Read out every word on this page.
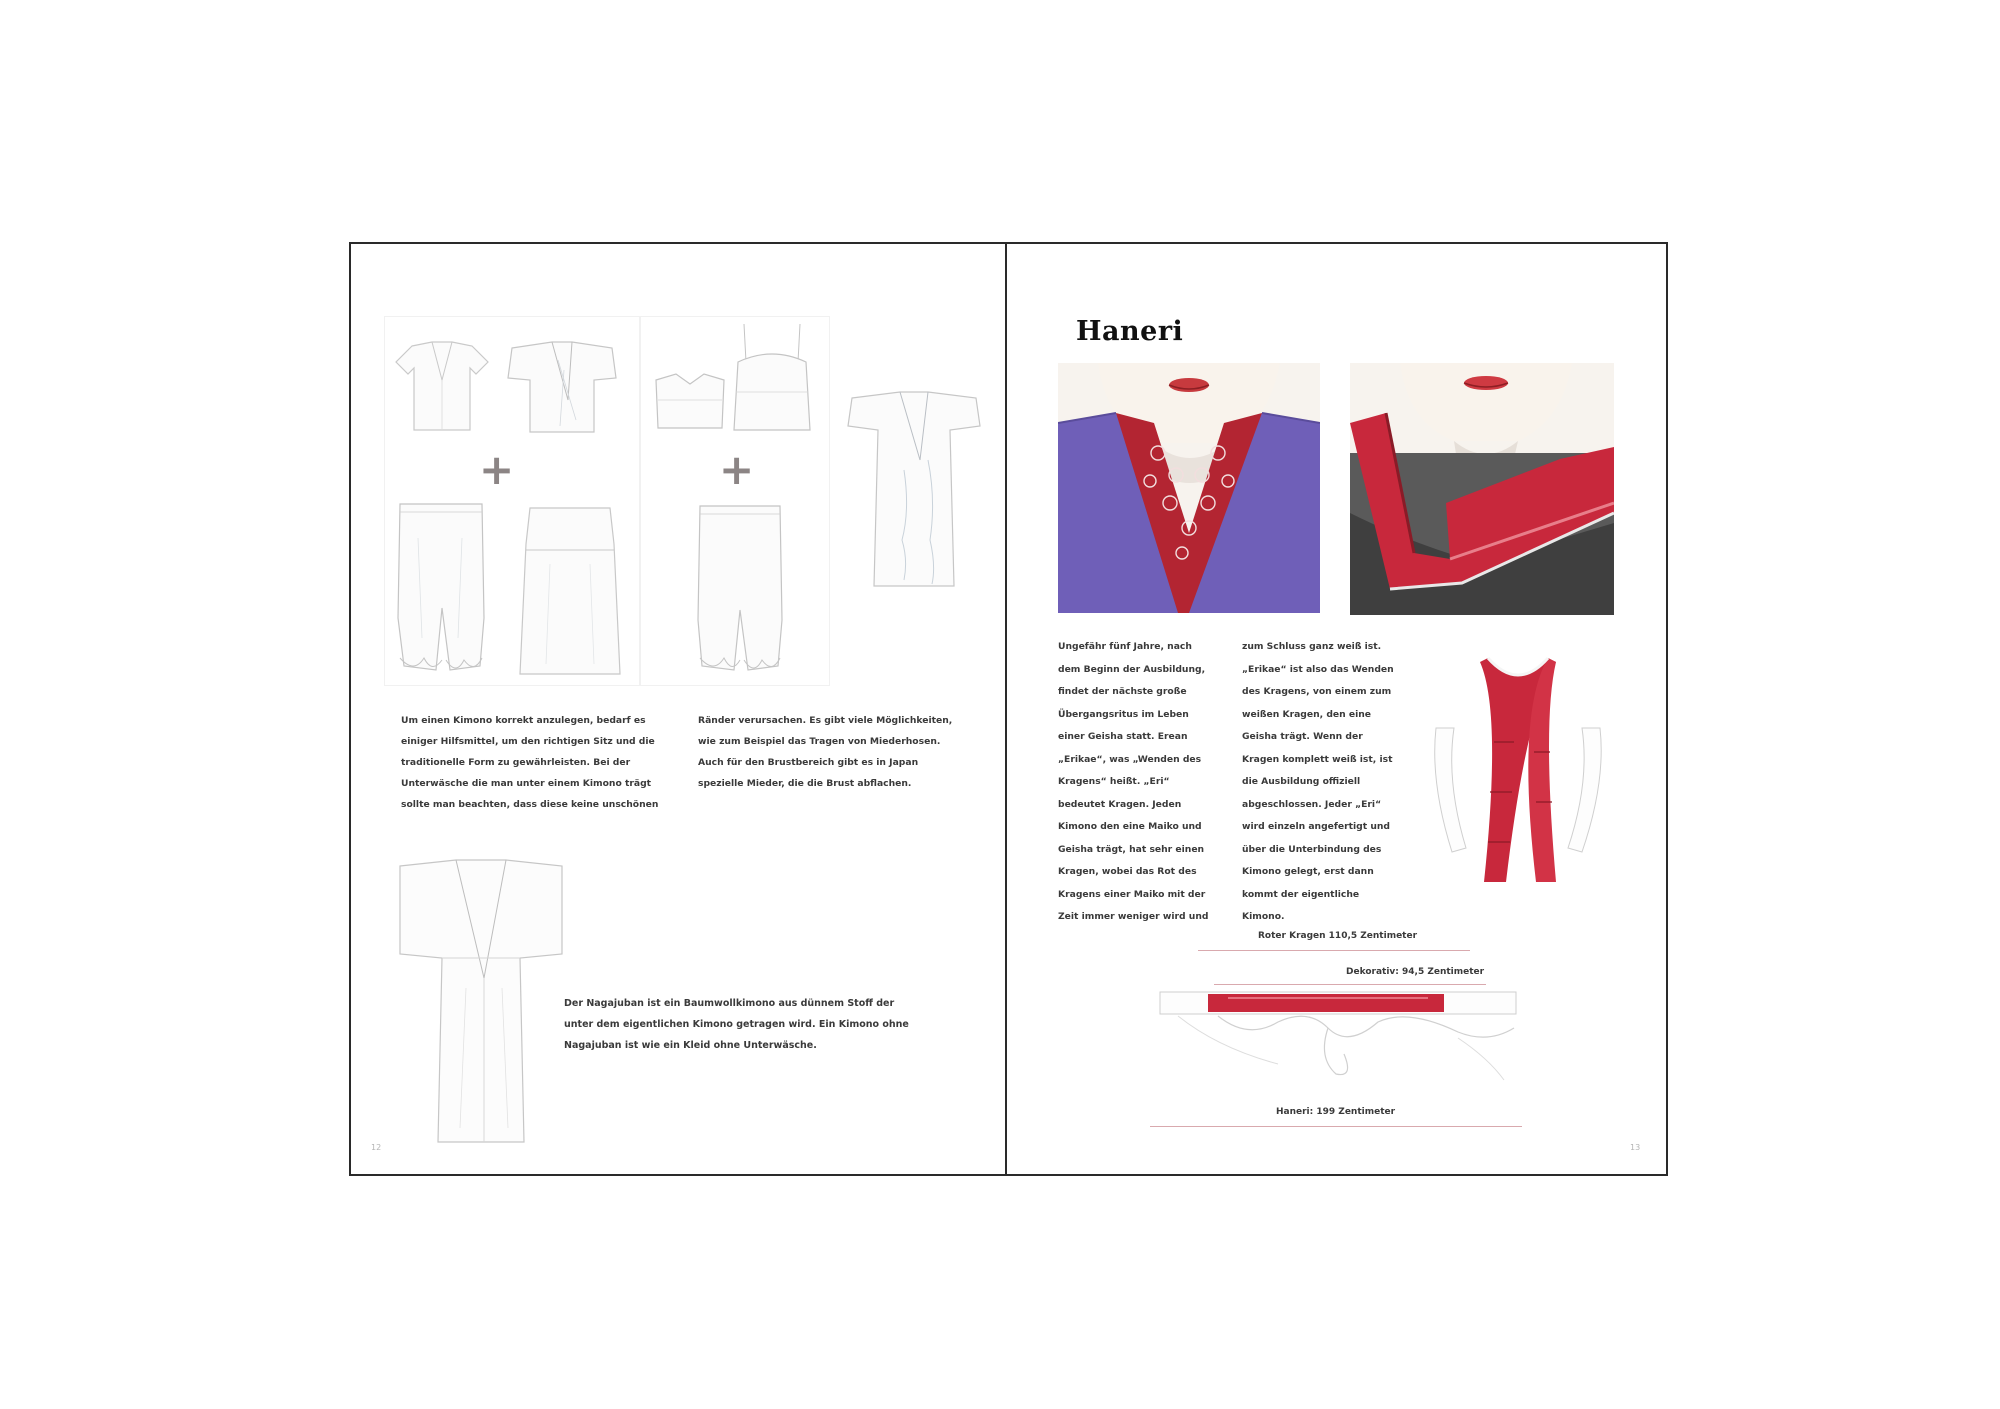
+	+
Um einen Kimono korrekt anzulegen, bedarf es einiger Hilfsmittel, um den richtigen Sitz und die traditionelle Form zu gewährleisten. Bei der Unterwäsche die man unter einem Kimono trägt sollte man beachten, dass diese keine unschönen Ränder verursachen. Es gibt viele Möglichkeiten, wie zum Beispiel das Tragen von Miederhosen. Auch für den Brustbereich gibt es in Japan spezielle Mieder, die die Brust abflachen.
Der Nagajuban ist ein Baumwollkimono aus dünnem Stoff der unter dem eigentlichen Kimono getragen wird. Ein Kimono ohne Nagajuban ist wie ein Kleid ohne Unterwäsche.
12
Haneri
Ungefähr fünf Jahre, nach dem Beginn der Ausbildung, findet der nächste große Übergangsritus im Leben einer Geisha statt. Erean „Erikae“, was „Wenden des Kragens“ heißt. „Eri“ bedeutet Kragen. Jeden Kimono den eine Maiko und Geisha trägt, hat sehr einen Kragen, wobei das Rot des Kragens einer Maiko mit der Zeit immer weniger wird und zum Schluss ganz weiß ist. „Erikae“ ist also das Wenden des Kragens, von einem zum weißen Kragen, den eine Geisha trägt. Wenn der Kragen komplett weiß ist, ist die Ausbildung offiziell abgeschlossen. Jeder „Eri“ wird einzeln angefertigt und über die Unterbindung des Kimono gelegt, erst dann kommt der eigentliche Kimono.
Roter Kragen 110,5 Zentimeter
Dekorativ: 94,5 Zentimeter
Haneri: 199 Zentimeter
13
